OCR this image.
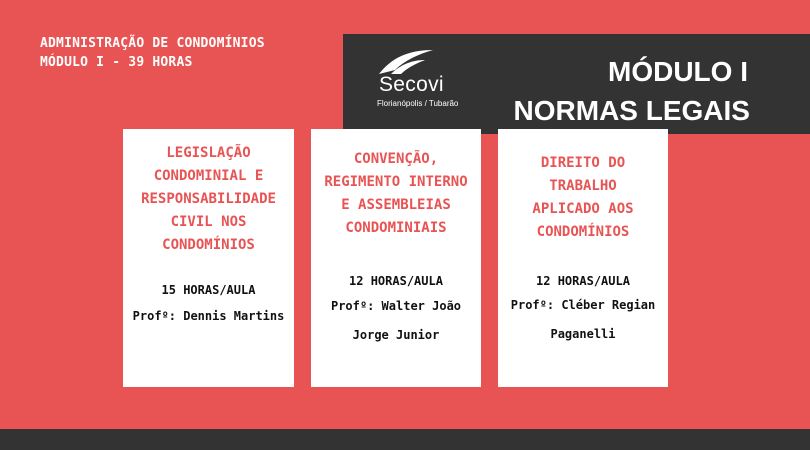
ADMINISTRAÇÃO DE CONDOMÍNIOS
MÓDULO I - 39 HORAS
Secovi
Florianópolis / Tubarão
MÓDULO I
NORMAS LEGAIS
LEGISLAÇÃO
CONDOMINIAL E
RESPONSABILIDADE
CIVIL NOS
CONDOMÍNIOS
15 HORAS/AULA
Profº: Dennis Martins
CONVENÇÃO,
REGIMENTO INTERNO
E ASSEMBLEIAS
CONDOMINIAIS
12 HORAS/AULA
Profº: Walter João
Jorge Junior
DIREITO DO
TRABALHO
APLICADO AOS
CONDOMÍNIOS
12 HORAS/AULA
Profº: Cléber Regian
Paganelli
